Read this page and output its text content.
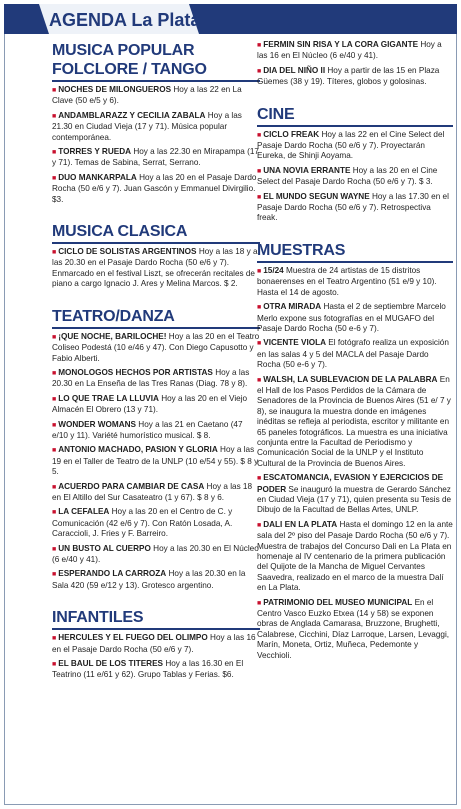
AGENDA La Plata
MUSICA POPULAR
FOLCLORE / TANGO
■ NOCHES DE MILONGUEROS Hoy a las 22 en La Clave (50 e/5 y 6).
■ ANDAMBLARAZZ Y CECILIA ZABALA Hoy a las 21.30 en Ciudad Vieja (17 y 71). Música popular contemporánea.
■ TORRES Y RUEDA Hoy a las 22.30 en Mirapampa (17 y 71). Temas de Sabina, Serrat, Serrano.
■ DUO MANKARPALA Hoy a las 20 en el Pasaje Dardo Rocha (50 e/6 y 7). Juan Gascón y Emmanuel Divirgilio. $3.
MUSICA CLASICA
■ CICLO DE SOLISTAS ARGENTINOS Hoy a las 18 y a las 20.30 en el Pasaje Dardo Rocha (50 e/6 y 7). Enmarcado en el festival Liszt, se ofrecerán recitales de piano a cargo Ignacio J. Ares y Melina Marcos. $ 2.
TEATRO/DANZA
■ ¡QUE NOCHE, BARILOCHE! Hoy a las 20 en el Teatro Coliseo Podestá (10 e/46 y 47). Con Diego Capusotto y Fabio Alberti.
■ MONOLOGOS HECHOS POR ARTISTAS Hoy a las 20.30 en La Enseña de las Tres Ranas (Diag. 78 y 8).
■ LO QUE TRAE LA LLUVIA Hoy a las 20 en el Viejo Almacén El Obrero (13 y 71).
■ WONDER WOMANS Hoy a las 21 en Caetano (47 e/10 y 11). Variété humorístico musical. $ 8.
■ ANTONIO MACHADO, PASION Y GLORIA Hoy a las 19 en el Taller de Teatro de la UNLP (10 e/54 y 55). $ 8 y 5.
■ ACUERDO PARA CAMBIAR DE CASA Hoy a las 18 en El Altillo del Sur Casateatro (1 y 67). $ 8 y 6.
■ LA CEFALEA Hoy a las 20 en el Centro de C. y Comunicación (42 e/6 y 7). Con Ratón Losada, A. Caraccioli, J. Fries y F. Barreiro.
■ UN BUSTO AL CUERPO Hoy a las 20.30 en El Núcleo (6 e/40 y 41).
■ ESPERANDO LA CARROZA Hoy a las 20.30 en la Sala 420 (59 e/12 y 13). Grotesco argentino.
INFANTILES
■ HERCULES Y EL FUEGO DEL OLIMPO Hoy a las 16 en el Pasaje Dardo Rocha (50 e/6 y 7).
■ EL BAUL DE LOS TITERES Hoy a las 16.30 en El Teatrino (11 e/61 y 62). Grupo Tablas y Ferias. $6.
■ FERMIN SIN RISA Y LA CORA GIGANTE Hoy a las 16 en El Núcleo (6 e/40 y 41).
■ DIA DEL NIÑO II Hoy a partir de las 15 en Plaza Güemes (38 y 19). Títeres, globos y golosinas.
CINE
■ CICLO FREAK Hoy a las 22 en el Cine Select del Pasaje Dardo Rocha (50 e/6 y 7). Proyectarán Eureka, de Shinji Aoyama.
■ UNA NOVIA ERRANTE Hoy a las 20 en el Cine Select del Pasaje Dardo Rocha (50 e/6 y 7). $ 3.
■ EL MUNDO SEGUN WAYNE Hoy a las 17.30 en el Pasaje Dardo Rocha (50 e/6 y 7). Retrospectiva freak.
MUESTRAS
■ 15/24 Muestra de 24 artistas de 15 distritos bonaerenses en el Teatro Argentino (51 e/9 y 10). Hasta el 14 de agosto.
■ OTRA MIRADA Hasta el 2 de septiembre Marcelo Merlo expone sus fotografías en el MUGAFO del Pasaje Dardo Rocha (50 e-6 y 7).
■ VICENTE VIOLA El fotógrafo realiza un exposición en las salas 4 y 5 del MACLA del Pasaje Dardo Rocha (50 e-6 y 7).
■ WALSH, LA SUBLEVACION DE LA PALABRA En el Hall de los Pasos Perdidos de la Cámara de Senadores de la Provincia de Buenos Aires (51 e/ 7 y 8), se inaugura la muestra donde en imágenes inéditas se refleja al periodista, escritor y militante en 65 paneles fotográficos. La muestra es una iniciativa conjunta entre la Facultad de Periodismo y Comunicación Social de la UNLP y el Instituto Cultural de la Provincia de Buenos Aires.
■ ESCATOMANCIA, EVASION Y EJERCICIOS DE PODER Se inauguró la muestra de Gerardo Sánchez en Ciudad Vieja (17 y 71), quien presenta su Tesis de Dibujo de la Facultad de Bellas Artes, UNLP.
■ DALI EN LA PLATA Hasta el domingo 12 en la ante sala del 2º piso del Pasaje Dardo Rocha (50 e/6 y 7). Muestra de trabajos del Concurso Dali en La Plata en homenaje al IV centenario de la primera publicación del Quijote de la Mancha de Miguel Cervantes Saavedra, realizado en el marco de la muestra Dalí en La Plata.
■ PATRIMONIO DEL MUSEO MUNICIPAL En el Centro Vasco Euzko Etxea (14 y 58) se exponen obras de Anglada Camarasa, Bruzzone, Brughetti, Calabrese, Cicchini, Díaz Larroque, Larsen, Levaggi, Marín, Moneta, Ortiz, Muñeca, Pedemonte y Vecchioli.
